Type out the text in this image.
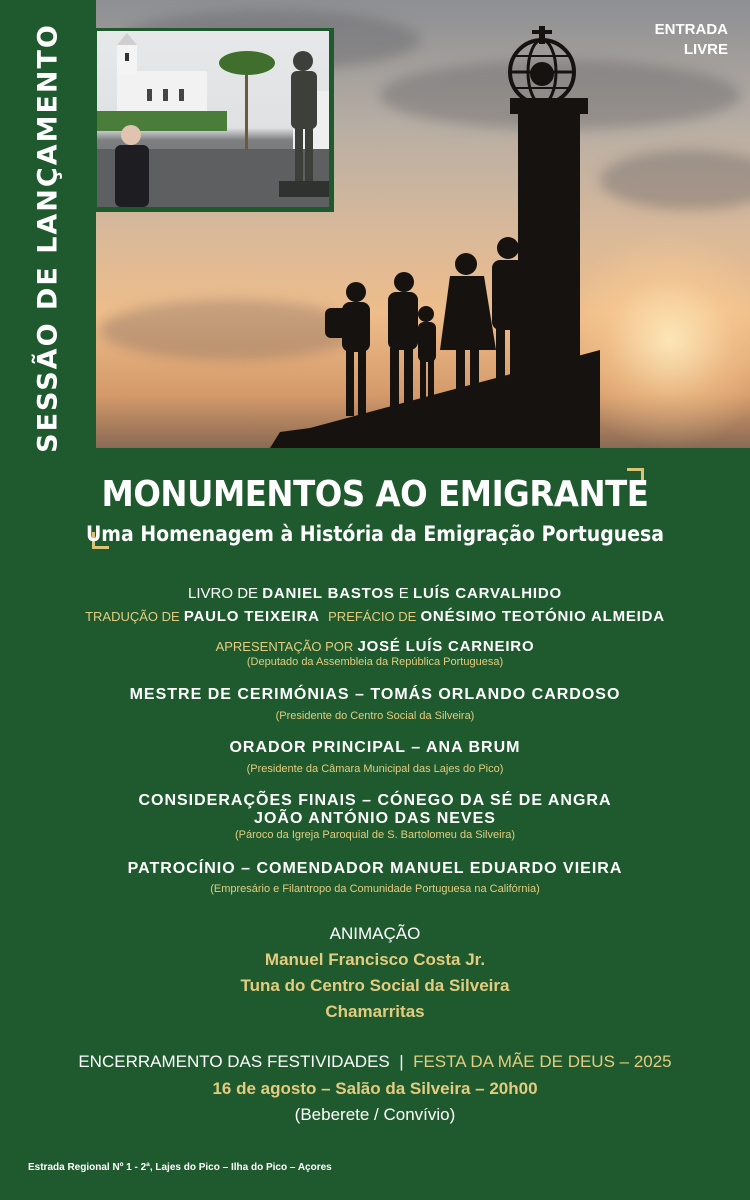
SESSÃO DE LANÇAMENTO	ENTRADA
LIVRE
MONUMENTOS AO EMIGRANTE
Uma Homenagem à História da Emigração Portuguesa
LIVRO DE DANIEL BASTOS E LUÍS CARVALHIDO
TRADUÇÃO DE PAULO TEIXEIRA PREFÁCIO DE ONÉSIMO TEOTÓNIO ALMEIDA
APRESENTAÇÃO POR JOSÉ LUÍS CARNEIRO
(Deputado da Assembleia da República Portuguesa)
MESTRE DE CERIMÓNIAS – TOMÁS ORLANDO CARDOSO
(Presidente do Centro Social da Silveira)
ORADOR PRINCIPAL – ANA BRUM
(Presidente da Câmara Municipal das Lajes do Pico)
CONSIDERAÇÕES FINAIS – CÓNEGO DA SÉ DE ANGRA
JOÃO ANTÓNIO DAS NEVES
(Pároco da Igreja Paroquial de S. Bartolomeu da Silveira)
PATROCÍNIO – COMENDADOR MANUEL EDUARDO VIEIRA
(Empresário e Filantropo da Comunidade Portuguesa na Califórnia)
ANIMAÇÃO
Manuel Francisco Costa Jr.
Tuna do Centro Social da Silveira
Chamarritas
ENCERRAMENTO DAS FESTIVIDADES | FESTA DA MÃE DE DEUS – 2025
16 de agosto – Salão da Silveira – 20h00
(Beberete / Convívio)
Estrada Regional Nº 1 - 2ª, Lajes do Pico – Ilha do Pico – Açores
